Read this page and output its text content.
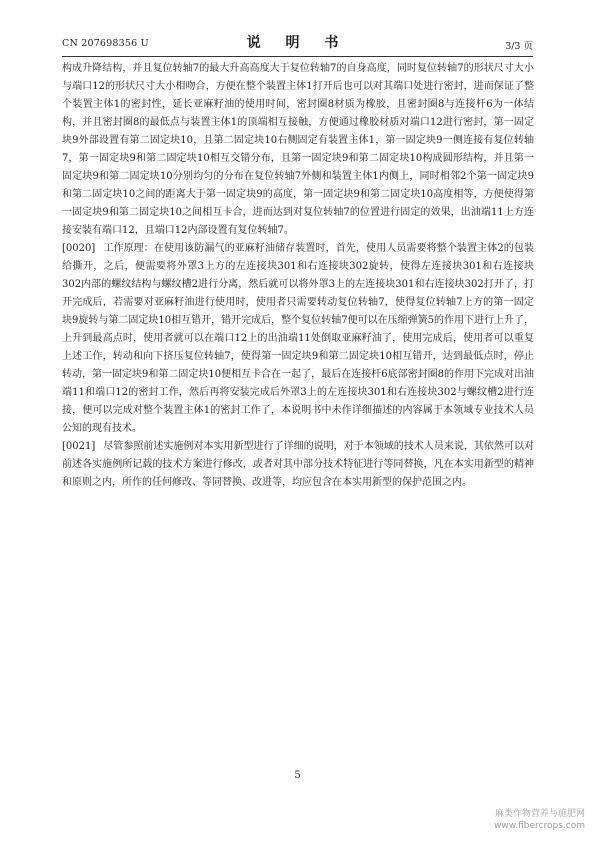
CN 207698356 U	说 明 书	3/3 页

构成升降结构，并且复位转轴7的最大升高高度大于复位转轴7的自身高度，同时复位转轴7的形状尺寸大小与端口12的形状尺寸大小相吻合，方便在整个装置主体1打开后也可以对其端口处进行密封，进而保证了整个装置主体1的密封性，延长亚麻籽油的使用时间，密封圈8材质为橡胶，且密封圈8与连接杆6为一体结构，并且密封圈8的最低点与装置主体1的顶端相互接触，方便通过橡胶材质对端口12进行密封，第一固定块9外部设置有第二固定块10，且第二固定块10右侧固定有装置主体1，第一固定块9一侧连接有复位转轴7，第一固定块9和第二固定块10相互交错分布，且第一固定块9和第二固定块10构成圆形结构，并且第一固定块9和第二固定块10分别均匀的分布在复位转轴7外侧和装置主体1内侧上，同时相邻2个第一固定块9和第二固定块10之间的距离大于第一固定块9的高度，第一固定块9和第二固定块10高度相等，方便使得第一固定块9和第二固定块10之间相互卡合，进而达到对复位转轴7的位置进行固定的效果，出油端11上方连接安装有端口12，且端口12内部设置有复位转轴7。

[0020] 工作原理：在使用该防漏气的亚麻籽油储存装置时，首先，使用人员需要将整个装置主体2的包装给撕开，之后，便需要将外罩3上方的左连接块301和右连接块302旋转，使得左连接块301和右连接块302内部的螺纹结构与螺纹槽2进行分离，然后就可以将外罩3上的左连接块301和右连接块302打开了，打开完成后，若需要对亚麻籽油进行使用时，使用者只需要转动复位转轴7，使得复位转轴7上方的第一固定块9旋转与第二固定块10相互错开，错开完成后，整个复位转轴7便可以在压缩弹簧5的作用下进行上升了，上升到最高点时，使用者就可以在端口12上的出油端11处倒取亚麻籽油了，使用完成后，使用者可以重复上述工作，转动和向下挤压复位转轴7，使得第一固定块9和第二固定块10相互错开，达到最低点时，停止转动，第一固定块9和第二固定块10便相互卡合在一起了，最后在连接杆6底部密封圈8的作用下完成对出油端11和端口12的密封工作，然后再将安装完成后外罩3上的左连接块301和右连接块302与螺纹槽2进行连接，便可以完成对整个装置主体1的密封工作了，本说明书中未作详细描述的内容属于本领域专业技术人员公知的现有技术。

[0021] 尽管参照前述实施例对本实用新型进行了详细的说明，对于本领域的技术人员来说，其依然可以对前述各实施例所记载的技术方案进行修改，或者对其中部分技术特征进行等同替换，凡在本实用新型的精神和原则之内，所作的任何修改、等同替换、改进等，均应包含在本实用新型的保护范围之内。

5
麻类作物营养与施肥网
www.fibercrops.com
